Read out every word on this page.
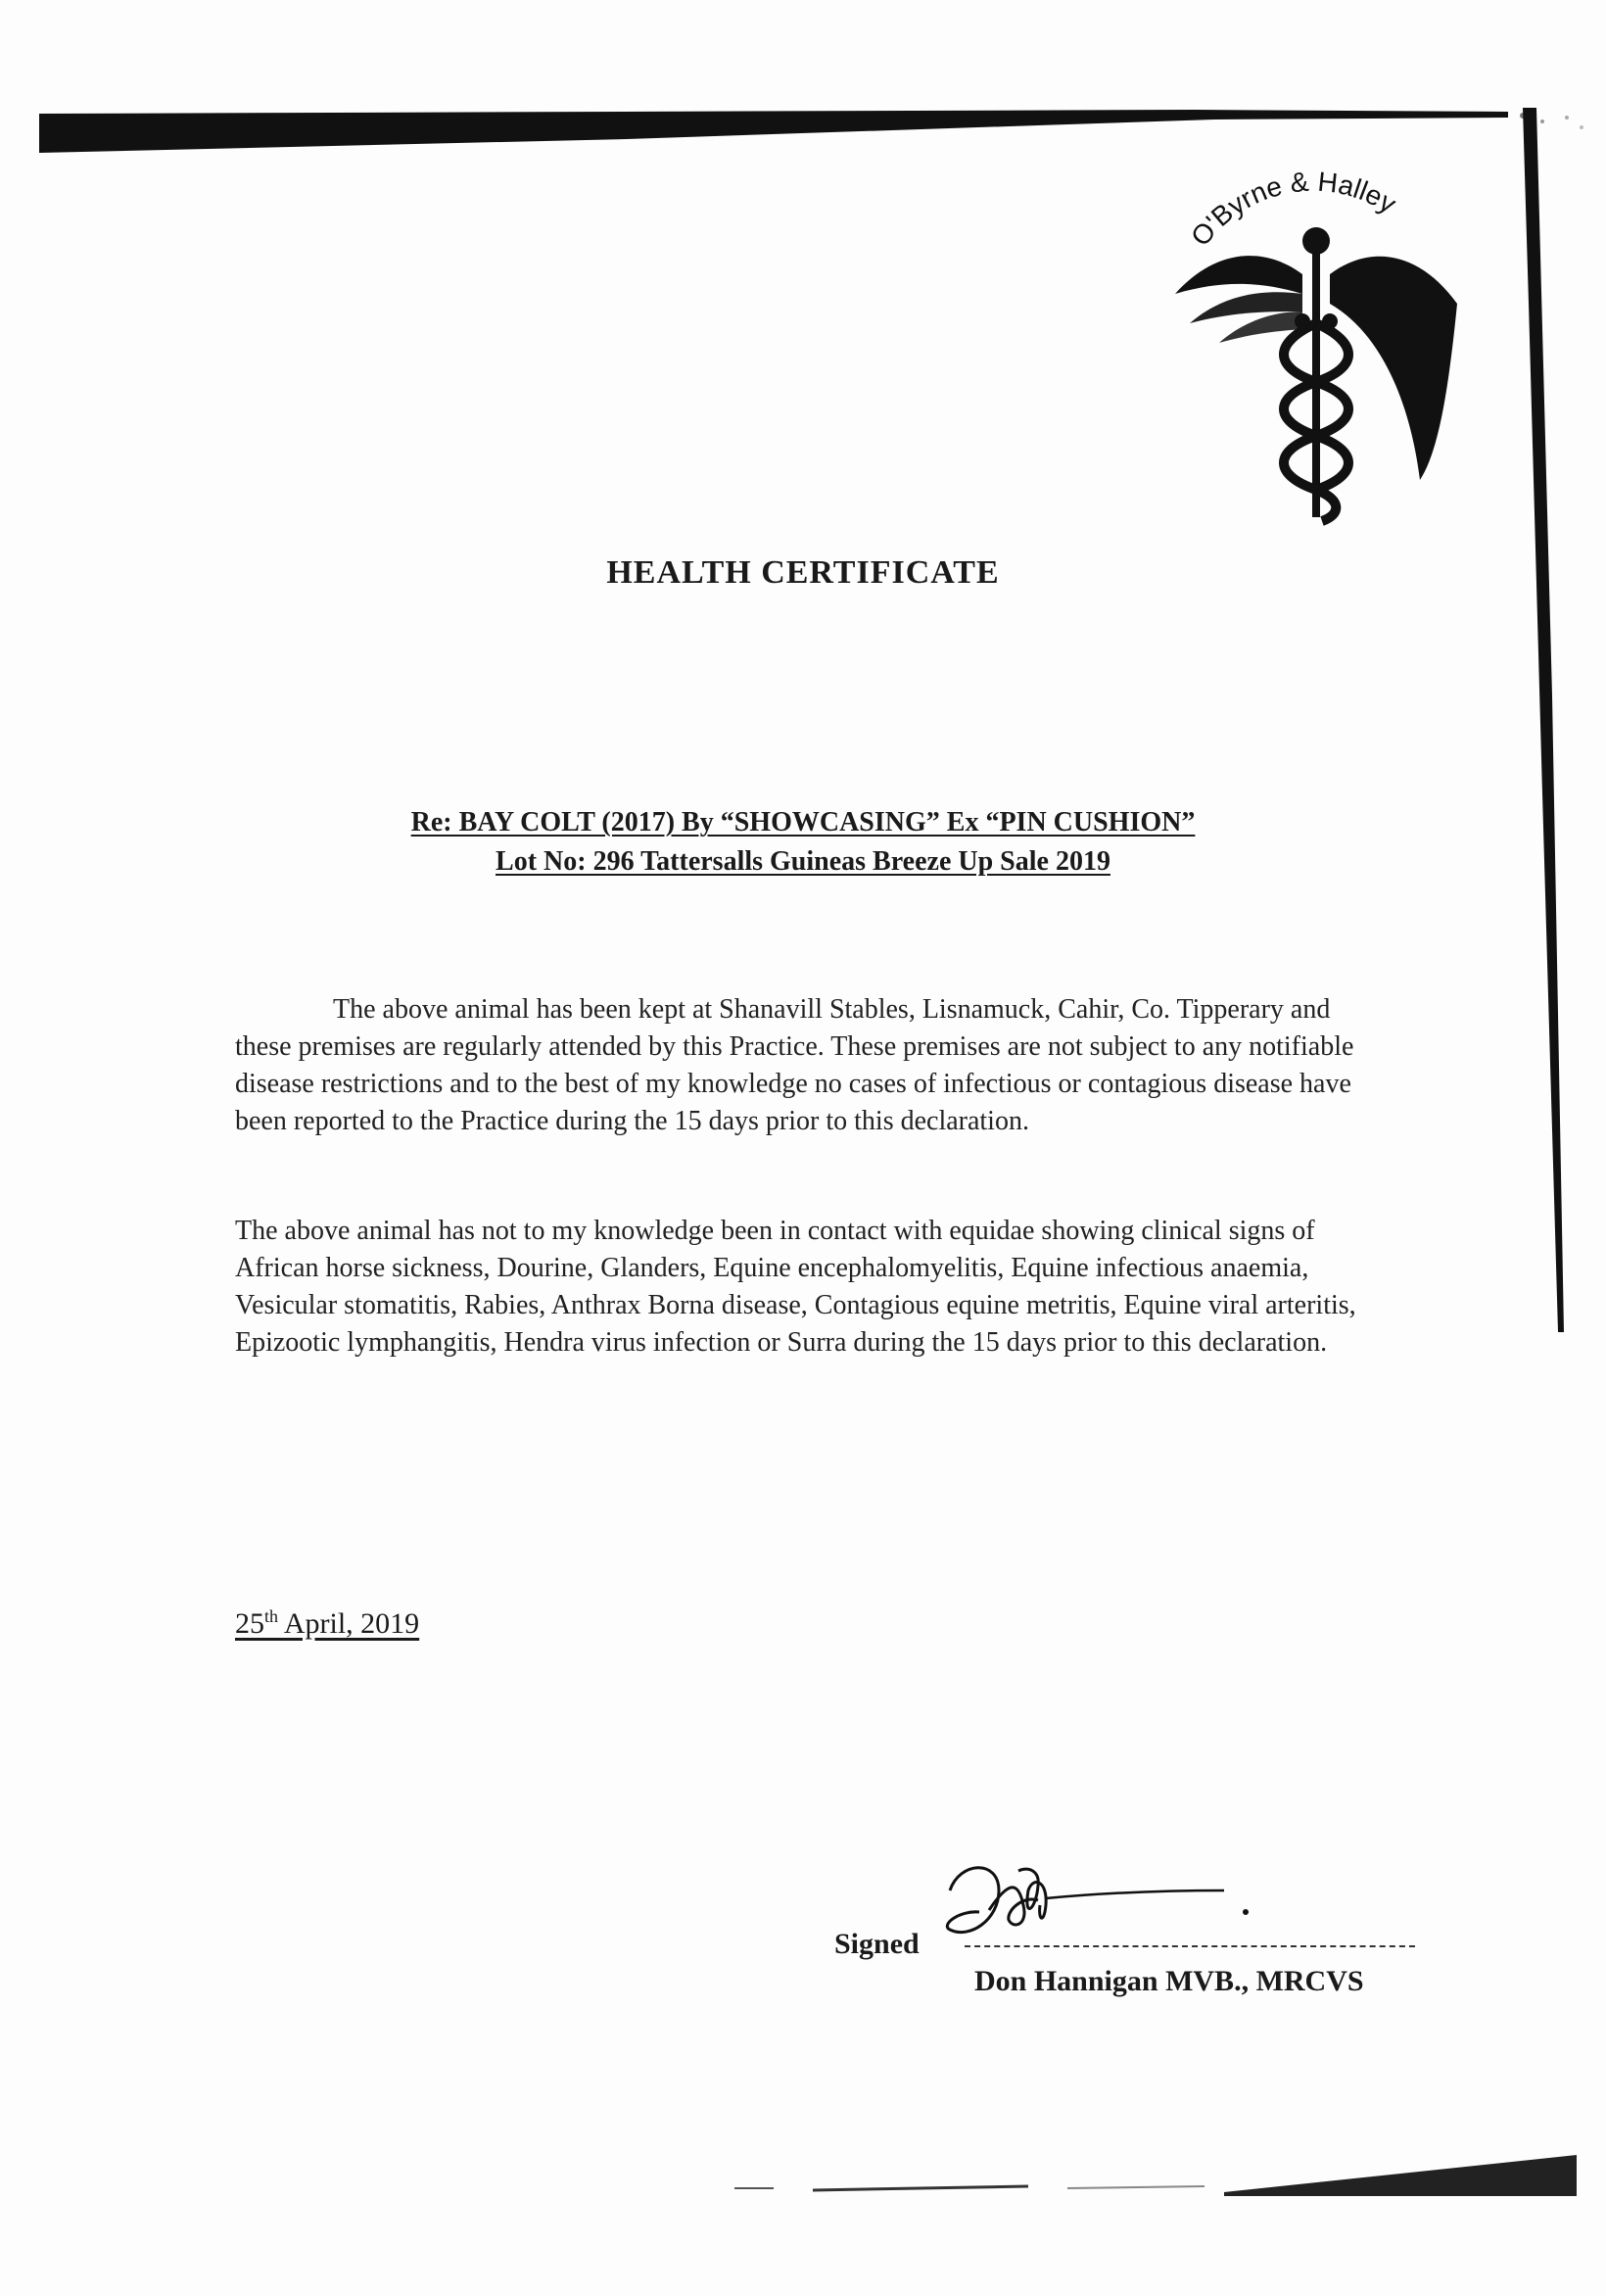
O'Byrne & Halley
HEALTH CERTIFICATE
Re: BAY COLT (2017) By “SHOWCASING” Ex “PIN CUSHION”
Lot No: 296 Tattersalls Guineas Breeze Up Sale 2019
The above animal has been kept at Shanavill Stables, Lisnamuck, Cahir, Co. Tipperary and these premises are regularly attended by this Practice. These premises are not subject to any notifiable disease restrictions and to the best of my knowledge no cases of infectious or contagious disease have been reported to the Practice during the 15 days prior to this declaration.
The above animal has not to my knowledge been in contact with equidae showing clinical signs of African horse sickness, Dourine, Glanders, Equine encephalomyelitis, Equine infectious anaemia, Vesicular stomatitis, Rabies, Anthrax Borna disease, Contagious equine metritis, Equine viral arteritis, Epizootic lymphangitis, Hendra virus infection or Surra during the 15 days prior to this declaration.
25th April, 2019
Signed
Don Hannigan MVB., MRCVS
